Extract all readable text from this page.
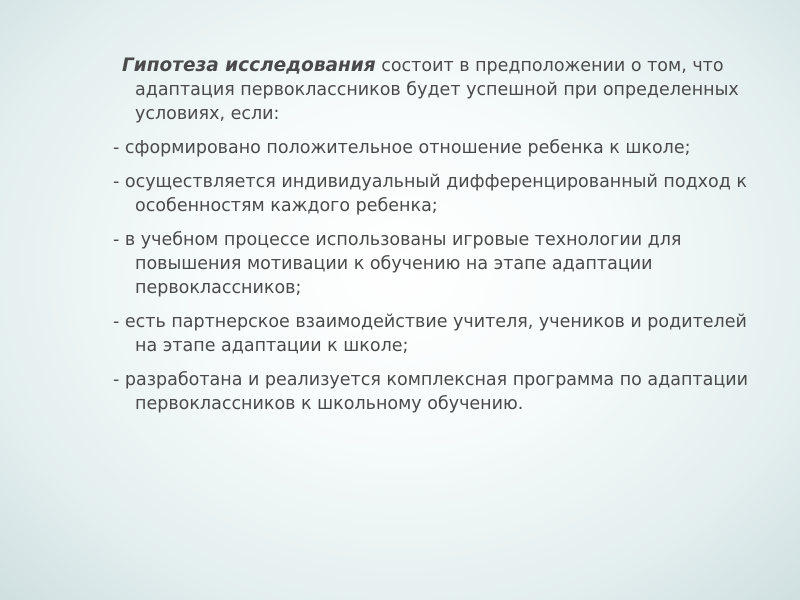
Гипотеза исследования состоит в предположении о том, что адаптация первоклассников будет успешной при определенных условиях, если:

- сформировано положительное отношение ребенка к школе;

- осуществляется индивидуальный дифференцированный подход к особенностям каждого ребенка;

- в учебном процессе использованы игровые технологии для повышения мотивации к обучению на этапе адаптации первоклассников;

- есть партнерское взаимодействие учителя, учеников и родителей на этапе адаптации к школе;

- разработана и реализуется комплексная программа по адаптации первоклассников к школьному обучению.
